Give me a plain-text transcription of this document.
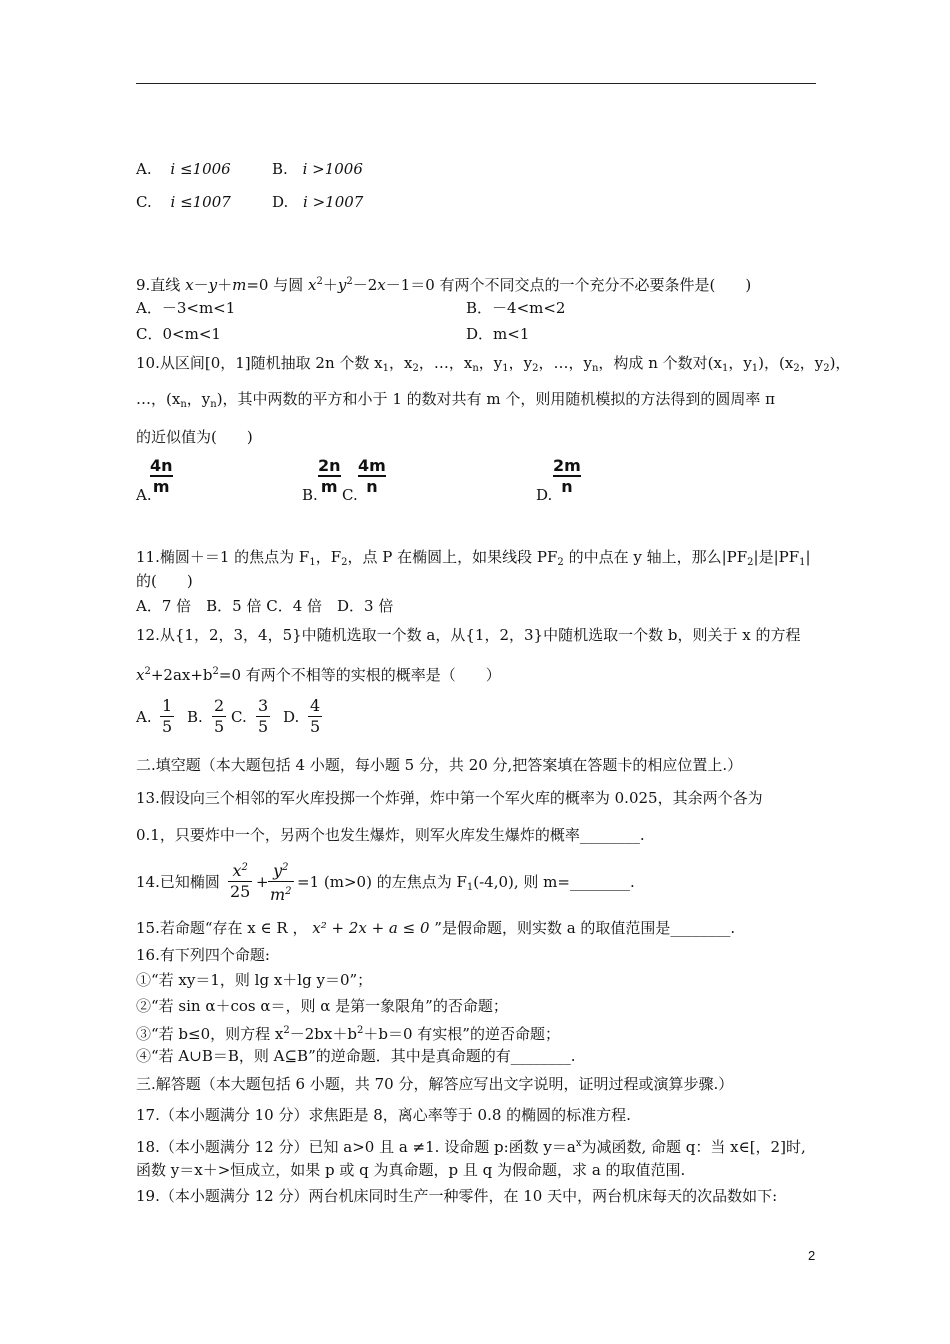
A. i ≤1006	B. i >1006
C. i ≤1007	D. i >1007
9.直线 x－y＋m=0 与圆 $x^2+y^2-2x-1=0$ 有两个不同交点的一个充分不必要条件是(　　)
A．－3<m<1	B．－4<m<2
C．0<m<1	D．m<1
10.从区间[0，1]随机抽取 2n 个数 $x_1$，$x_2$，…，$x_n$，$y_1$，$y_2$，…，$y_n$，构成 n 个数对($x_1$，$y_1$)，($x_2$，$y_2$)，
…，($x_n$，$y_n$)，其中两数的平方和小于 1 的数对共有 m 个，则用随机模拟的方法得到的圆周率 π
的近似值为(　　)
A.
4n
m	B.
2n
m C.
4m
n	D.
2m
n
11.椭圆＋＝1 的焦点为 $F_1$，$F_2$，点 P 在椭圆上，如果线段 $PF_2$ 的中点在 y 轴上，那么$|PF_2|$是$|PF_1|$
的(　　)
A．7 倍　B．5 倍 C．4 倍　D．3 倍
12.从{1，2，3，4，5}中随机选取一个数 a，从{1，2，3}中随机选取一个数 b，则关于 x 的方程
$x^2+2ax+b^2=0$ 有两个不相等的实根的概率是（　　）
A.
1
5 B.
2
5 C.
3
5 D.
4
5
二.填空题（本大题包括 4 小题，每小题 5 分，共 20 分,把答案填在答题卡的相应位置上.）
13.假设向三个相邻的军火库投掷一个炸弹，炸中第一个军火库的概率为 0.025，其余两个各为
0.1，只要炸中一个，另两个也发生爆炸，则军火库发生爆炸的概率________.
14.已知椭圆
$x^2$
25 +
$y^2$
$m^2$
=1 (m>0) 的左焦点为 $F_1(-4,0)$, 则 m=________.
15.若命题“存在 x ∈ R ， x² + 2x + a ≤ 0 ”是假命题，则实数 a 的取值范围是________.
16.有下列四个命题:
①“若 xy＝1，则 lg x＋lg y＝0”；
②“若 sin α＋cos α＝，则 α 是第一象限角”的否命题；
③“若 b≤0，则方程 $x^2-2bx+b^2+b=0$ 有实根”的逆否命题；
④“若 A∪B＝B，则 A⊆B”的逆命题．其中是真命题的有________.
三.解答题（本大题包括 6 小题，共 70 分，解答应写出文字说明，证明过程或演算步骤.）
17.（本小题满分 10 分）求焦距是 8，离心率等于 0.8 的椭圆的标准方程.
18.（本小题满分 12 分）已知 a>0 且 a ≠1. 设命题 p:函数 $y=a^x$为减函数, 命题 q：当 x∈[，2]时,
函数 y＝x＋>恒成立，如果 p 或 q 为真命题，p 且 q 为假命题，求 a 的取值范围.
19.（本小题满分 12 分）两台机床同时生产一种零件，在 10 天中，两台机床每天的次品数如下:
2
